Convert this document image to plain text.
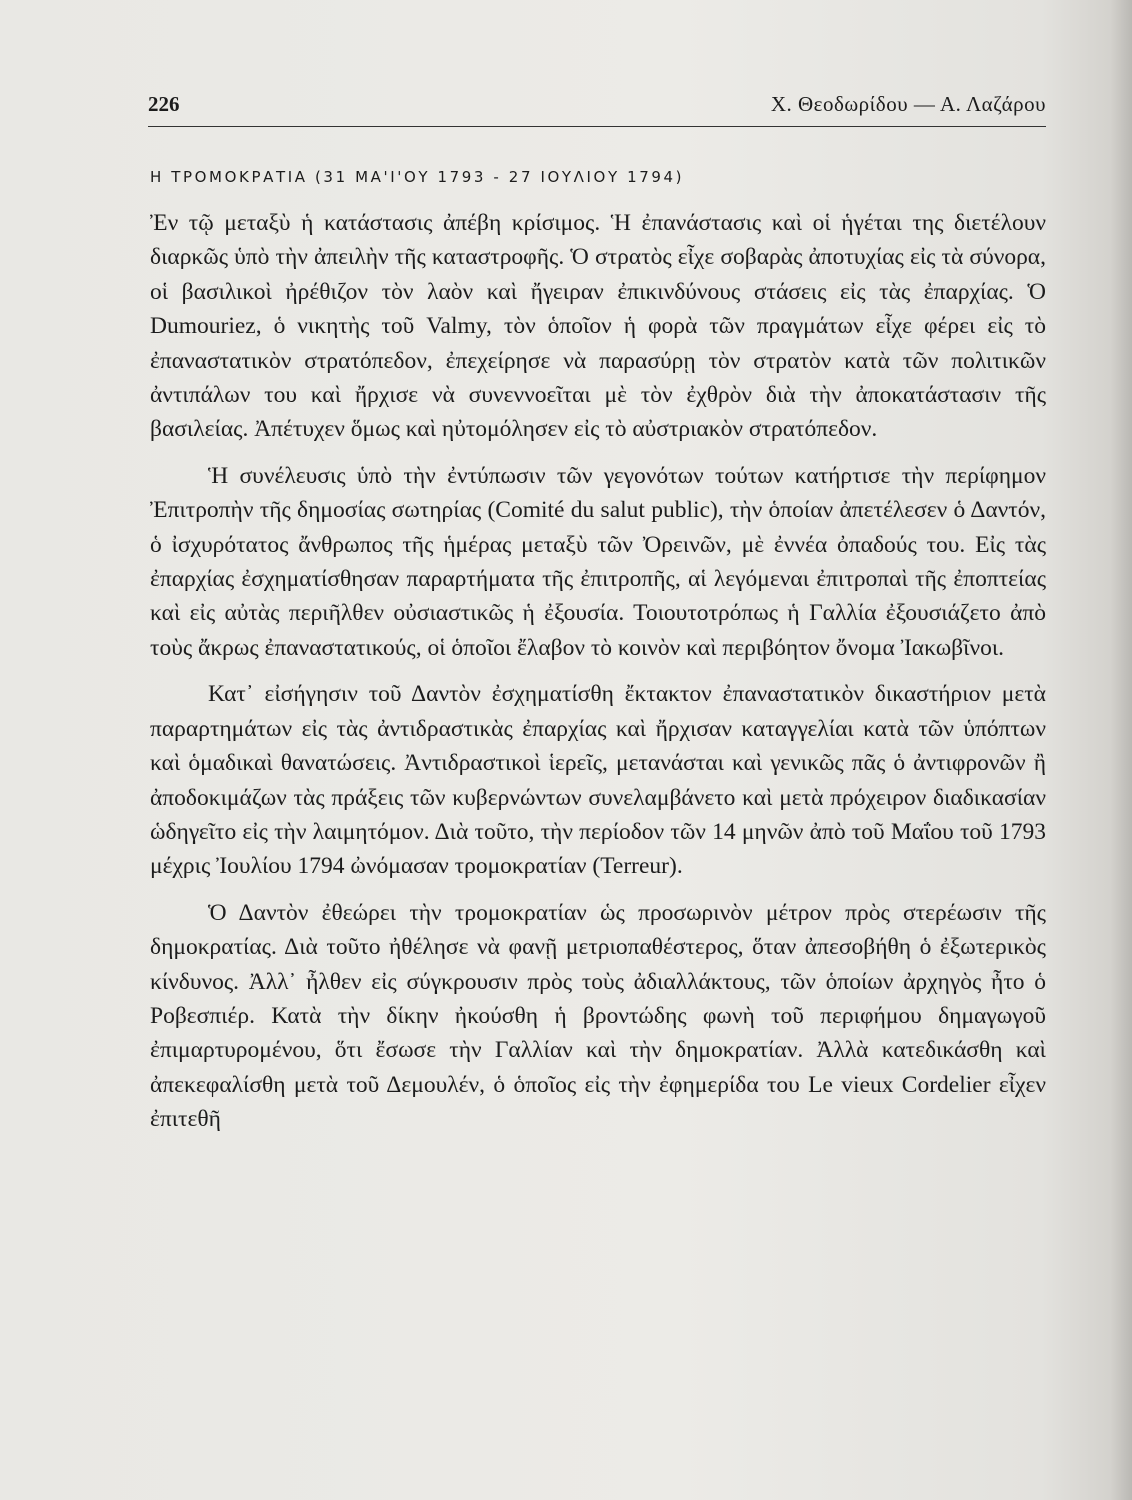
226	Χ. Θεοδωρίδου — Α. Λαζάρου
Η ΤΡΟΜΟΚΡΑΤΙΑ (31 ΜΑ'Ι'ΟΥ 1793 - 27 ΙΟΥΛΙΟΥ 1794)

Ἐν τῷ μεταξὺ ἡ κατάστασις ἀπέβη κρίσιμος. Ἡ ἐπανάστασις καὶ οἱ ἡγέται της διετέλουν διαρκῶς ὑπὸ τὴν ἀπειλὴν τῆς καταστροφῆς. Ὁ στρατὸς εἶχε σοβαρὰς ἀποτυχίας εἰς τὰ σύνορα, οἱ βασιλικοὶ ἠρέθιζον τὸν λαὸν καὶ ἤγειραν ἐπικινδύνους στάσεις εἰς τὰς ἐπαρχίας. Ὁ Dumouriez, ὁ νικητὴς τοῦ Valmy, τὸν ὁποῖον ἡ φορὰ τῶν πραγμάτων εἶχε φέρει εἰς τὸ ἐπαναστατικὸν στρατόπεδον, ἐπεχείρησε νὰ παρασύρῃ τὸν στρατὸν κατὰ τῶν πολιτικῶν ἀντιπάλων του καὶ ἤρχισε νὰ συνεννοεῖται μὲ τὸν ἐχθρὸν διὰ τὴν ἀποκατάστασιν τῆς βασιλείας. Ἀπέτυχεν ὅμως καὶ ηὐτομόλησεν εἰς τὸ αὐστριακὸν στρατόπεδον.

Ἡ συνέλευσις ὑπὸ τὴν ἐντύπωσιν τῶν γεγονότων τούτων κατήρτισε τὴν περίφημον Ἐπιτροπὴν τῆς δημοσίας σωτηρίας (Comité du salut public), τὴν ὁποίαν ἀπετέλεσεν ὁ Δαντόν, ὁ ἰσχυρότατος ἄνθρωπος τῆς ἡμέρας μεταξὺ τῶν Ὀρεινῶν, μὲ ἐννέα ὀπαδούς του. Εἰς τὰς ἐπαρχίας ἐσχηματίσθησαν παραρτήματα τῆς ἐπιτροπῆς, αἱ λεγόμεναι ἐπιτροπαὶ τῆς ἐποπτείας καὶ εἰς αὐτὰς περιῆλθεν οὐσιαστικῶς ἡ ἐξουσία. Τοιουτοτρόπως ἡ Γαλλία ἐξουσιάζετο ἀπὸ τοὺς ἄκρως ἐπαναστατικούς, οἱ ὁποῖοι ἔλαβον τὸ κοινὸν καὶ περιβόητον ὄνομα Ἰακωβῖνοι.

Κατ᾽ εἰσήγησιν τοῦ Δαντὸν ἐσχηματίσθη ἔκτακτον ἐπαναστατικὸν δικαστήριον μετὰ παραρτημάτων εἰς τὰς ἀντιδραστικὰς ἐπαρχίας καὶ ἤρχισαν καταγγελίαι κατὰ τῶν ὑπόπτων καὶ ὁμαδικαὶ θανατώσεις. Ἀντιδραστικοὶ ἱερεῖς, μετανάσται καὶ γενικῶς πᾶς ὁ ἀντιφρονῶν ἢ ἀποδοκιμάζων τὰς πράξεις τῶν κυβερνώντων συνελαμβάνετο καὶ μετὰ πρόχειρον διαδικασίαν ὡδηγεῖτο εἰς τὴν λαιμητόμον. Διὰ τοῦτο, τὴν περίοδον τῶν 14 μηνῶν ἀπὸ τοῦ Μαΐου τοῦ 1793 μέχρις Ἰουλίου 1794 ὠνόμασαν τρομοκρατίαν (Terreur).

Ὁ Δαντὸν ἐθεώρει τὴν τρομοκρατίαν ὡς προσωρινὸν μέτρον πρὸς στερέωσιν τῆς δημοκρατίας. Διὰ τοῦτο ἠθέλησε νὰ φανῇ μετριοπαθέστερος, ὅταν ἀπεσοβήθη ὁ ἐξωτερικὸς κίνδυνος. Ἀλλ᾽ ἦλθεν εἰς σύγκρουσιν πρὸς τοὺς ἀδιαλλάκτους, τῶν ὁποίων ἀρχηγὸς ἦτο ὁ Ροβεσπιέρ. Κατὰ τὴν δίκην ἠκούσθη ἡ βροντώδης φωνὴ τοῦ περιφήμου δημαγωγοῦ ἐπιμαρτυρομένου, ὅτι ἔσωσε τὴν Γαλλίαν καὶ τὴν δημοκρατίαν. Ἀλλὰ κατεδικάσθη καὶ ἀπεκεφαλίσθη μετὰ τοῦ Δεμουλέν, ὁ ὁποῖος εἰς τὴν ἐφημερίδα του Le vieux Cordelier εἶχεν ἐπιτεθῆ
